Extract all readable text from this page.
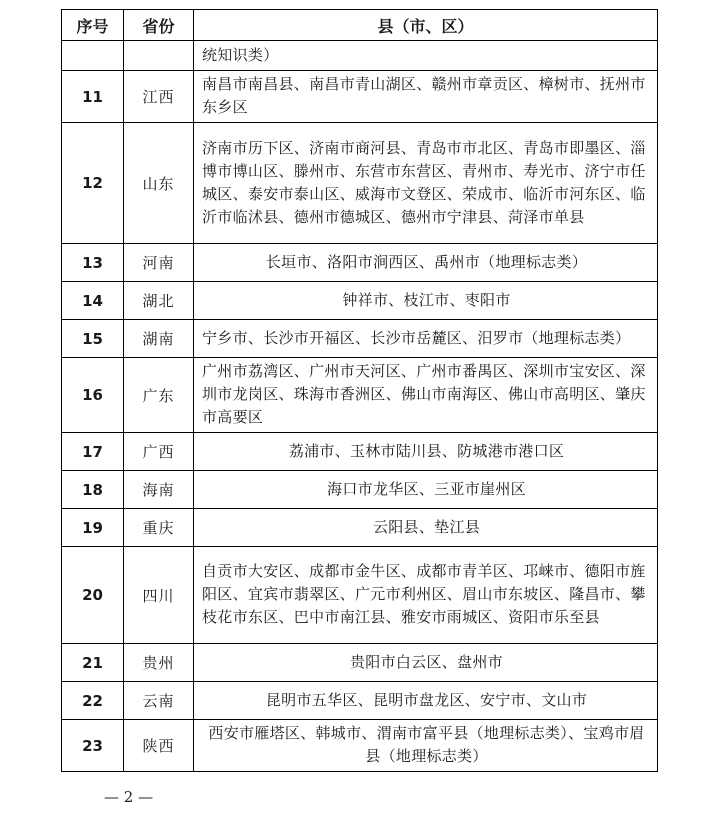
序号	省份	县（市、区）
		统知识类）
11	江西	南昌市南昌县、南昌市青山湖区、赣州市章贡区、樟树市、抚州市东乡区
12	山东	济南市历下区、济南市商河县、青岛市市北区、青岛市即墨区、淄博市博山区、滕州市、东营市东营区、青州市、寿光市、济宁市任城区、泰安市泰山区、威海市文登区、荣成市、临沂市河东区、临沂市临沭县、德州市德城区、德州市宁津县、菏泽市单县
13	河南	长垣市、洛阳市涧西区、禹州市（地理标志类）
14	湖北	钟祥市、枝江市、枣阳市
15	湖南	宁乡市、长沙市开福区、长沙市岳麓区、汨罗市（地理标志类）
16	广东	广州市荔湾区、广州市天河区、广州市番禺区、深圳市宝安区、深圳市龙岗区、珠海市香洲区、佛山市南海区、佛山市高明区、肇庆市高要区
17	广西	荔浦市、玉林市陆川县、防城港市港口区
18	海南	海口市龙华区、三亚市崖州区
19	重庆	云阳县、垫江县
20	四川	自贡市大安区、成都市金牛区、成都市青羊区、邛崃市、德阳市旌阳区、宜宾市翡翠区、广元市利州区、眉山市东坡区、隆昌市、攀枝花市东区、巴中市南江县、雅安市雨城区、资阳市乐至县
21	贵州	贵阳市白云区、盘州市
22	云南	昆明市五华区、昆明市盘龙区、安宁市、文山市
23	陕西	西安市雁塔区、韩城市、渭南市富平县（地理标志类）、宝鸡市眉县（地理标志类）
— 2 —
